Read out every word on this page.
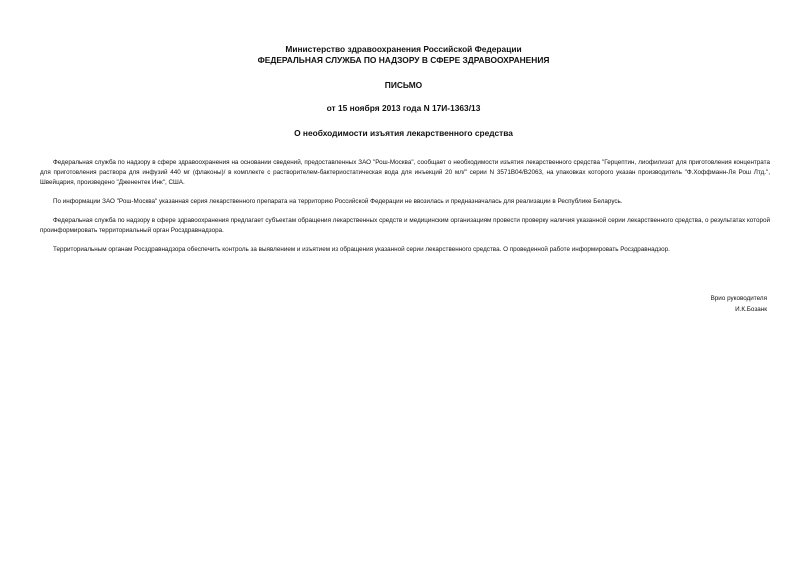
Министерство здравоохранения Российской Федерации
ФЕДЕРАЛЬНАЯ СЛУЖБА ПО НАДЗОРУ В СФЕРЕ ЗДРАВООХРАНЕНИЯ
ПИСЬМО
от 15 ноября 2013 года N 17И-1363/13
О необходимости изъятия лекарственного средства

Федеральная служба по надзору в сфере здравоохранения на основании сведений, предоставленных ЗАО "Рош-Москва", сообщает о необходимости изъятия лекарственного средства "Герцептин, лиофилизат для приготовления концентрата для приготовления раствора для инфузий 440 мг (флаконы)/ в комплекте с растворителем-бактериостатическая вода для инъекций 20 мл/" серии N 3571В04/В2063, на упаковках которого указан производитель "Ф.Хоффманн-Ля Рош Лтд.", Швейцария, произведено "Дженентек Инк", США.

По информации ЗАО "Рош-Москва" указанная серия лекарственного препарата на территорию Российской Федерации не ввозилась и предназначалась для реализации в Республике Беларусь.

Федеральная служба по надзору в сфере здравоохранения предлагает субъектам обращения лекарственных средств и медицинским организациям провести проверку наличия указанной серии лекарственного средства, о результатах которой проинформировать территориальный орган Росздравнадзора.

Территориальным органам Росздравнадзора обеспечить контроль за выявлением и изъятием из обращения указанной серии лекарственного средства. О проведенной работе информировать Росздравнадзор.

Врио руководителя
И.К.Бозанк
